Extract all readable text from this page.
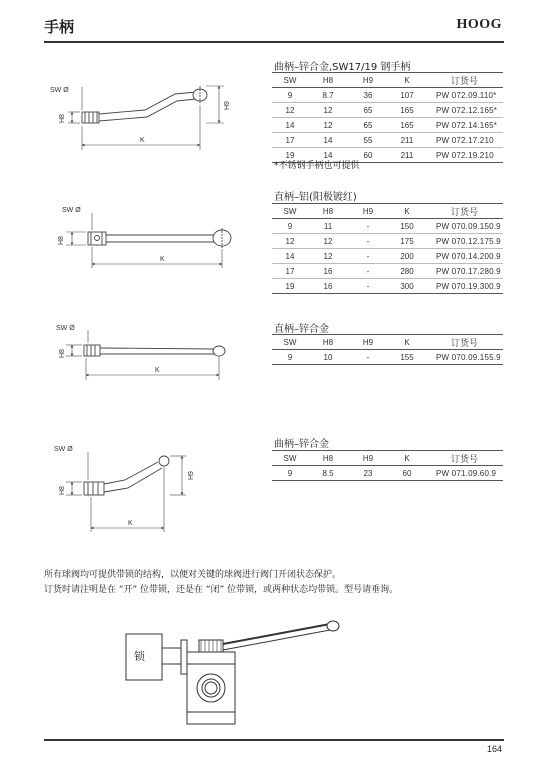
手柄	HOOG
164
SW Ø
H8
K
H9
SW Ø
H8
K
SW Ø
H8
K
SW Ø
H8
K
H9
锁
曲柄–锌合金,SW17/19 钢手柄
SW	H8	H9	K	订货号
9	8.7	36	107	PW 072.09.110*
12	12	65	165	PW 072.12.165*
14	12	65	165	PW 072.14.165*
17	14	55	211	PW 072.17.210
19	14	60	211	PW 072.19.210
*不锈钢手柄也可提供
直柄–铝(阳极镀红)
SW	H8	H9	K	订货号
9	11	-	150	PW 070.09.150.9
12	12	-	175	PW 070.12.175.9
14	12	-	200	PW 070.14.200.9
17	16	-	280	PW 070.17.280.9
19	16	-	300	PW 070.19.300.9
直柄–锌合金
SW	H8	H9	K	订货号
9	10	-	155	PW 070.09.155.9
曲柄–锌合金
SW	H8	H9	K	订货号
9	8.5	23	60	PW 071.09.60.9
所有球阀均可提供带锁的结构，以便对关键的球阀进行阀门开闭状态保护。
订货时请注明是在 “开” 位带锁，还是在 “闭” 位带锁，或两种状态均带锁。型号请垂询。
